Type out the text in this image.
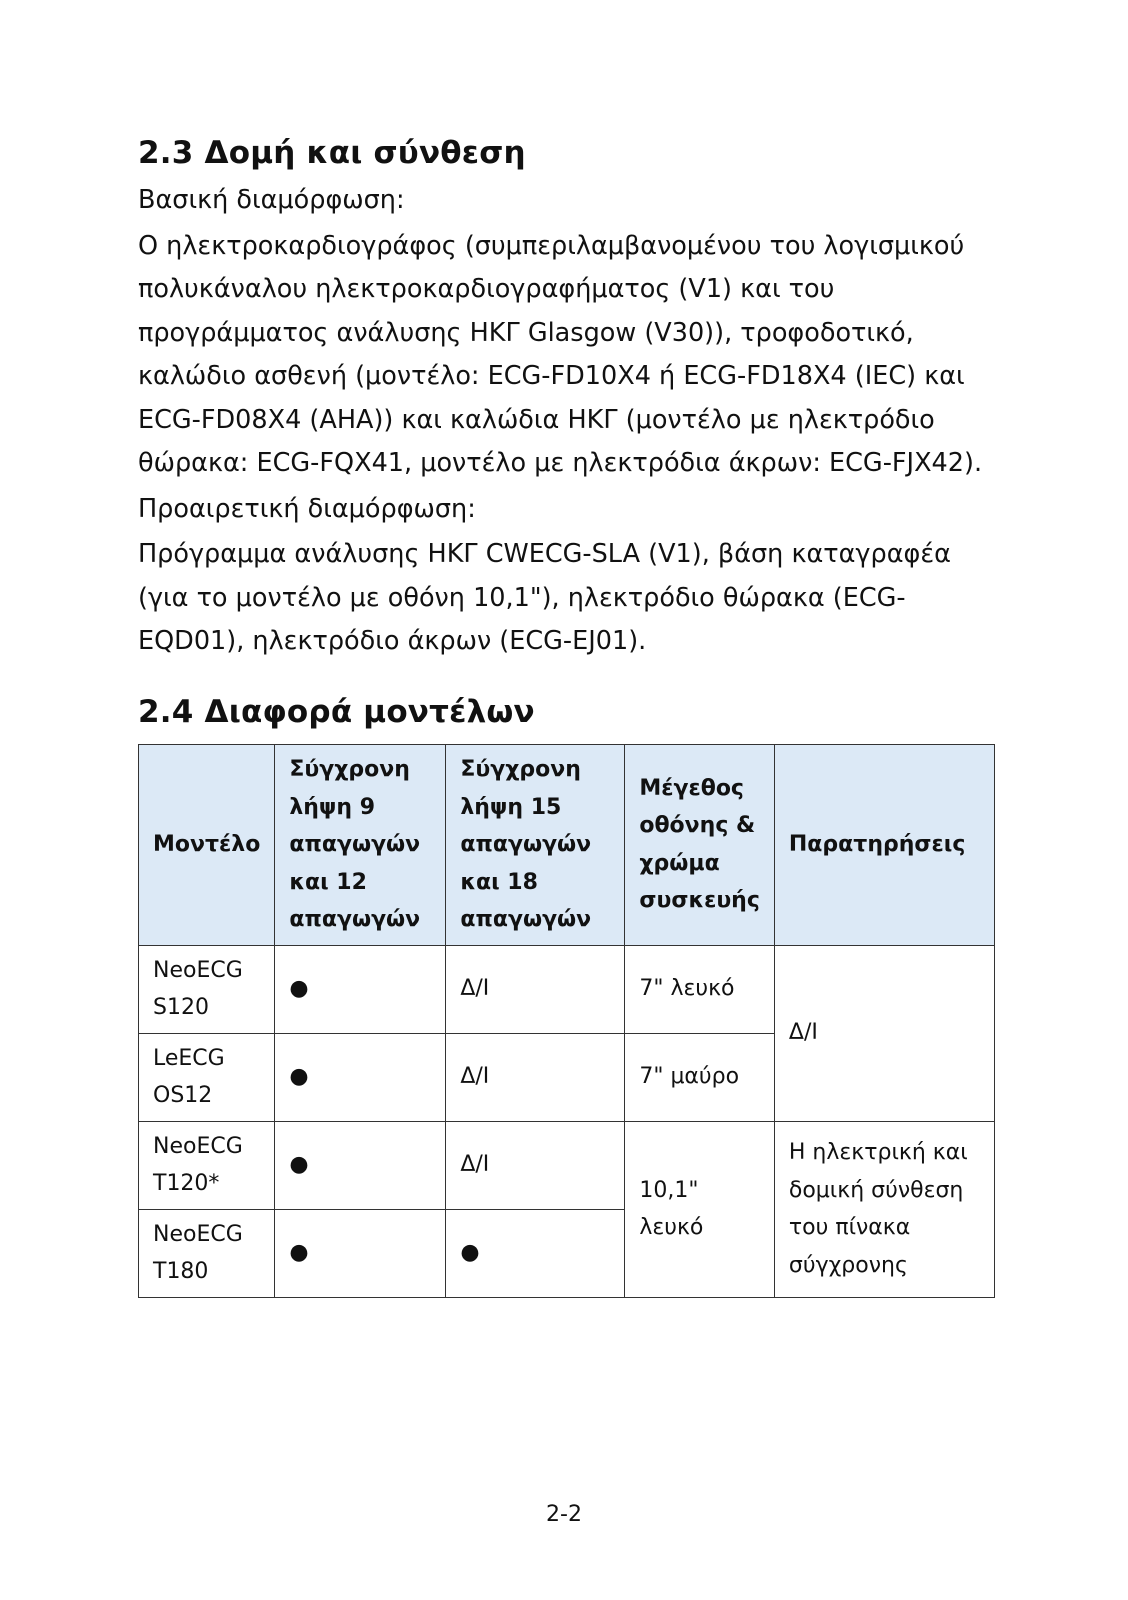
2.3 Δομή και σύνθεση

Βασική διαμόρφωση:

Ο ηλεκτροκαρδιογράφος (συμπεριλαμβανομένου του λογισμικού πολυκάναλου ηλεκτροκαρδιογραφήματος (V1) και του προγράμματος ανάλυσης ΗΚΓ Glasgow (V30)), τροφοδοτικό, καλώδιο ασθενή (μοντέλο: ECG-FD10X4 ή ECG-FD18X4 (IEC) και ECG-FD08X4 (AHA)) και καλώδια ΗΚΓ (μοντέλο με ηλεκτρόδιο θώρακα: ECG-FQX41, μοντέλο με ηλεκτρόδια άκρων: ECG-FJX42).

Προαιρετική διαμόρφωση:

Πρόγραμμα ανάλυσης ΗΚΓ CWECG-SLA (V1), βάση καταγραφέα (για το μοντέλο με οθόνη 10,1"), ηλεκτρόδιο θώρακα (ECG-EQD01), ηλεκτρόδιο άκρων (ECG-EJ01).

2.4 Διαφορά μοντέλων
Μοντέλο	Σύγχρονη λήψη 9 απαγωγών και 12 απαγωγών	Σύγχρονη λήψη 15 απαγωγών και 18 απαγωγών	Μέγεθος οθόνης & χρώμα συσκευής	Παρατηρήσεις
NeoECG S120	●	Δ/Ι	7" λευκό	Δ/Ι
LeECG OS12	●	Δ/Ι	7" μαύρο	
NeoECG T120*	●	Δ/Ι	10,1" λευκό	Η ηλεκτρική και δομική σύνθεση του πίνακα σύγχρονης
NeoECG T180	●	●		
2-2
